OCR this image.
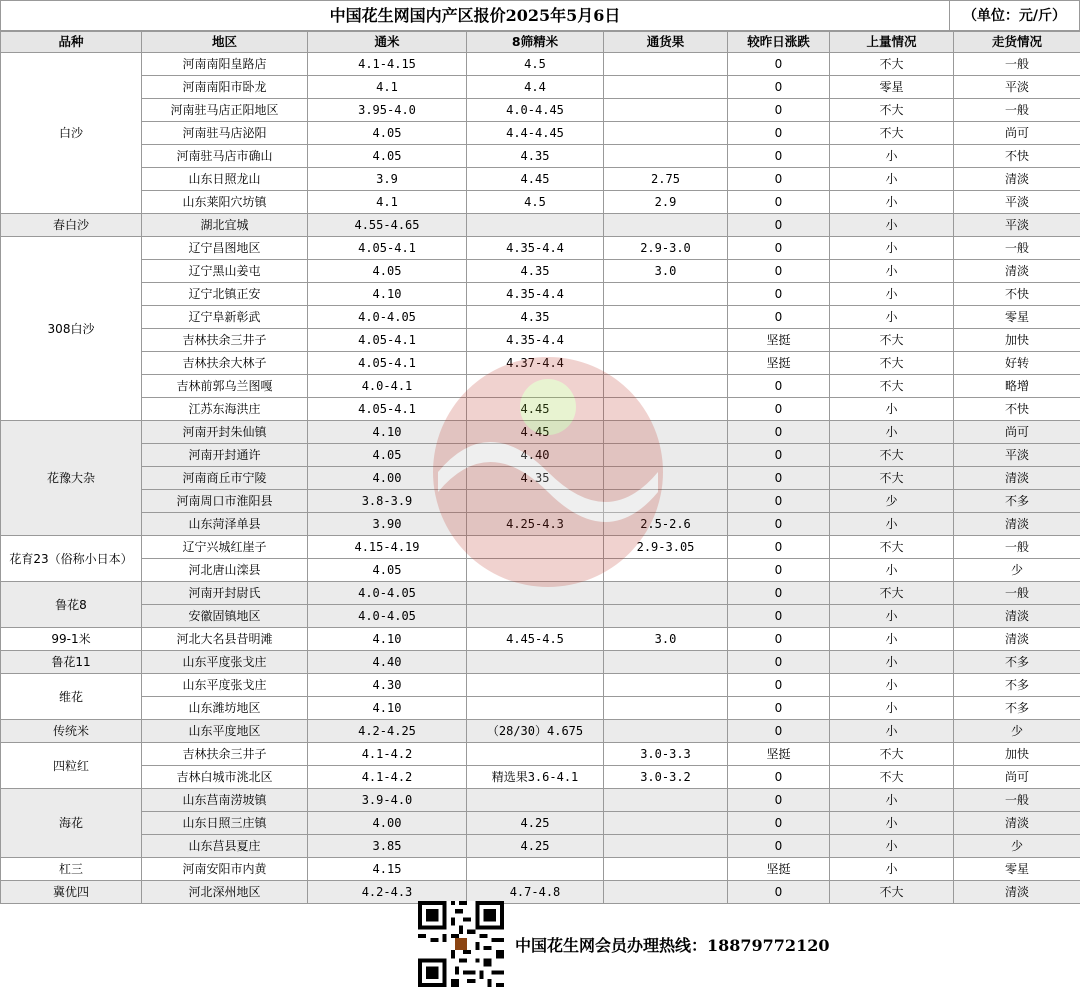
中国花生网国内产区报价2025年5月6日	（单位：元/斤）
品种	地区	通米	8筛精米	通货果	较昨日涨跌	上量情况	走货情况
白沙	河南南阳皇路店	4.1-4.15	4.5		0	不大	一般
	河南南阳市卧龙	4.1	4.4		0	零星	平淡
	河南驻马店正阳地区	3.95-4.0	4.0-4.45		0	不大	一般
	河南驻马店泌阳	4.05	4.4-4.45		0	不大	尚可
	河南驻马店市确山	4.05	4.35		0	小	不快
	山东日照龙山	3.9	4.45	2.75	0	小	清淡
	山东莱阳穴坊镇	4.1	4.5	2.9	0	小	平淡
春白沙	湖北宜城	4.55-4.65			0	小	平淡
308白沙	辽宁昌图地区	4.05-4.1	4.35-4.4	2.9-3.0	0	小	一般
	辽宁黑山姜屯	4.05	4.35	3.0	0	小	清淡
	辽宁北镇正安	4.10	4.35-4.4		0	小	不快
	辽宁阜新彰武	4.0-4.05	4.35		0	小	零星
	吉林扶余三井子	4.05-4.1	4.35-4.4		坚挺	不大	加快
	吉林扶余大林子	4.05-4.1	4.37-4.4		坚挺	不大	好转
	吉林前郭乌兰图嘎	4.0-4.1			0	不大	略增
	江苏东海洪庄	4.05-4.1	4.45		0	小	不快
花豫大杂	河南开封朱仙镇	4.10	4.45		0	小	尚可
	河南开封通许	4.05	4.40		0	不大	平淡
	河南商丘市宁陵	4.00	4.35		0	不大	清淡
	河南周口市淮阳县	3.8-3.9			0	少	不多
	山东菏泽单县	3.90	4.25-4.3	2.5-2.6	0	小	清淡
花育23（俗称小日本）	辽宁兴城红崖子	4.15-4.19		2.9-3.05	0	不大	一般
	河北唐山滦县	4.05			0	小	少
鲁花8	河南开封尉氏	4.0-4.05			0	不大	一般
	安徽固镇地区	4.0-4.05			0	小	清淡
99-1米	河北大名县昔明滩	4.10	4.45-4.5	3.0	0	小	清淡
鲁花11	山东平度张戈庄	4.40			0	小	不多
维花	山东平度张戈庄	4.30			0	小	不多
	山东潍坊地区	4.10			0	小	不多
传统米	山东平度地区	4.2-4.25	（28/30）4.675		0	小	少
四粒红	吉林扶余三井子	4.1-4.2		3.0-3.3	坚挺	不大	加快
	吉林白城市洮北区	4.1-4.2	精选果3.6-4.1	3.0-3.2	0	不大	尚可
海花	山东莒南涝坡镇	3.9-4.0			0	小	一般
	山东日照三庄镇	4.00	4.25		0	小	清淡
	山东莒县夏庄	3.85	4.25		0	小	少
杠三	河南安阳市内黄	4.15			坚挺	小	零星
冀优四	河北深州地区	4.2-4.3	4.7-4.8		0	不大	清淡
中国花生网会员办理热线：18879772120
